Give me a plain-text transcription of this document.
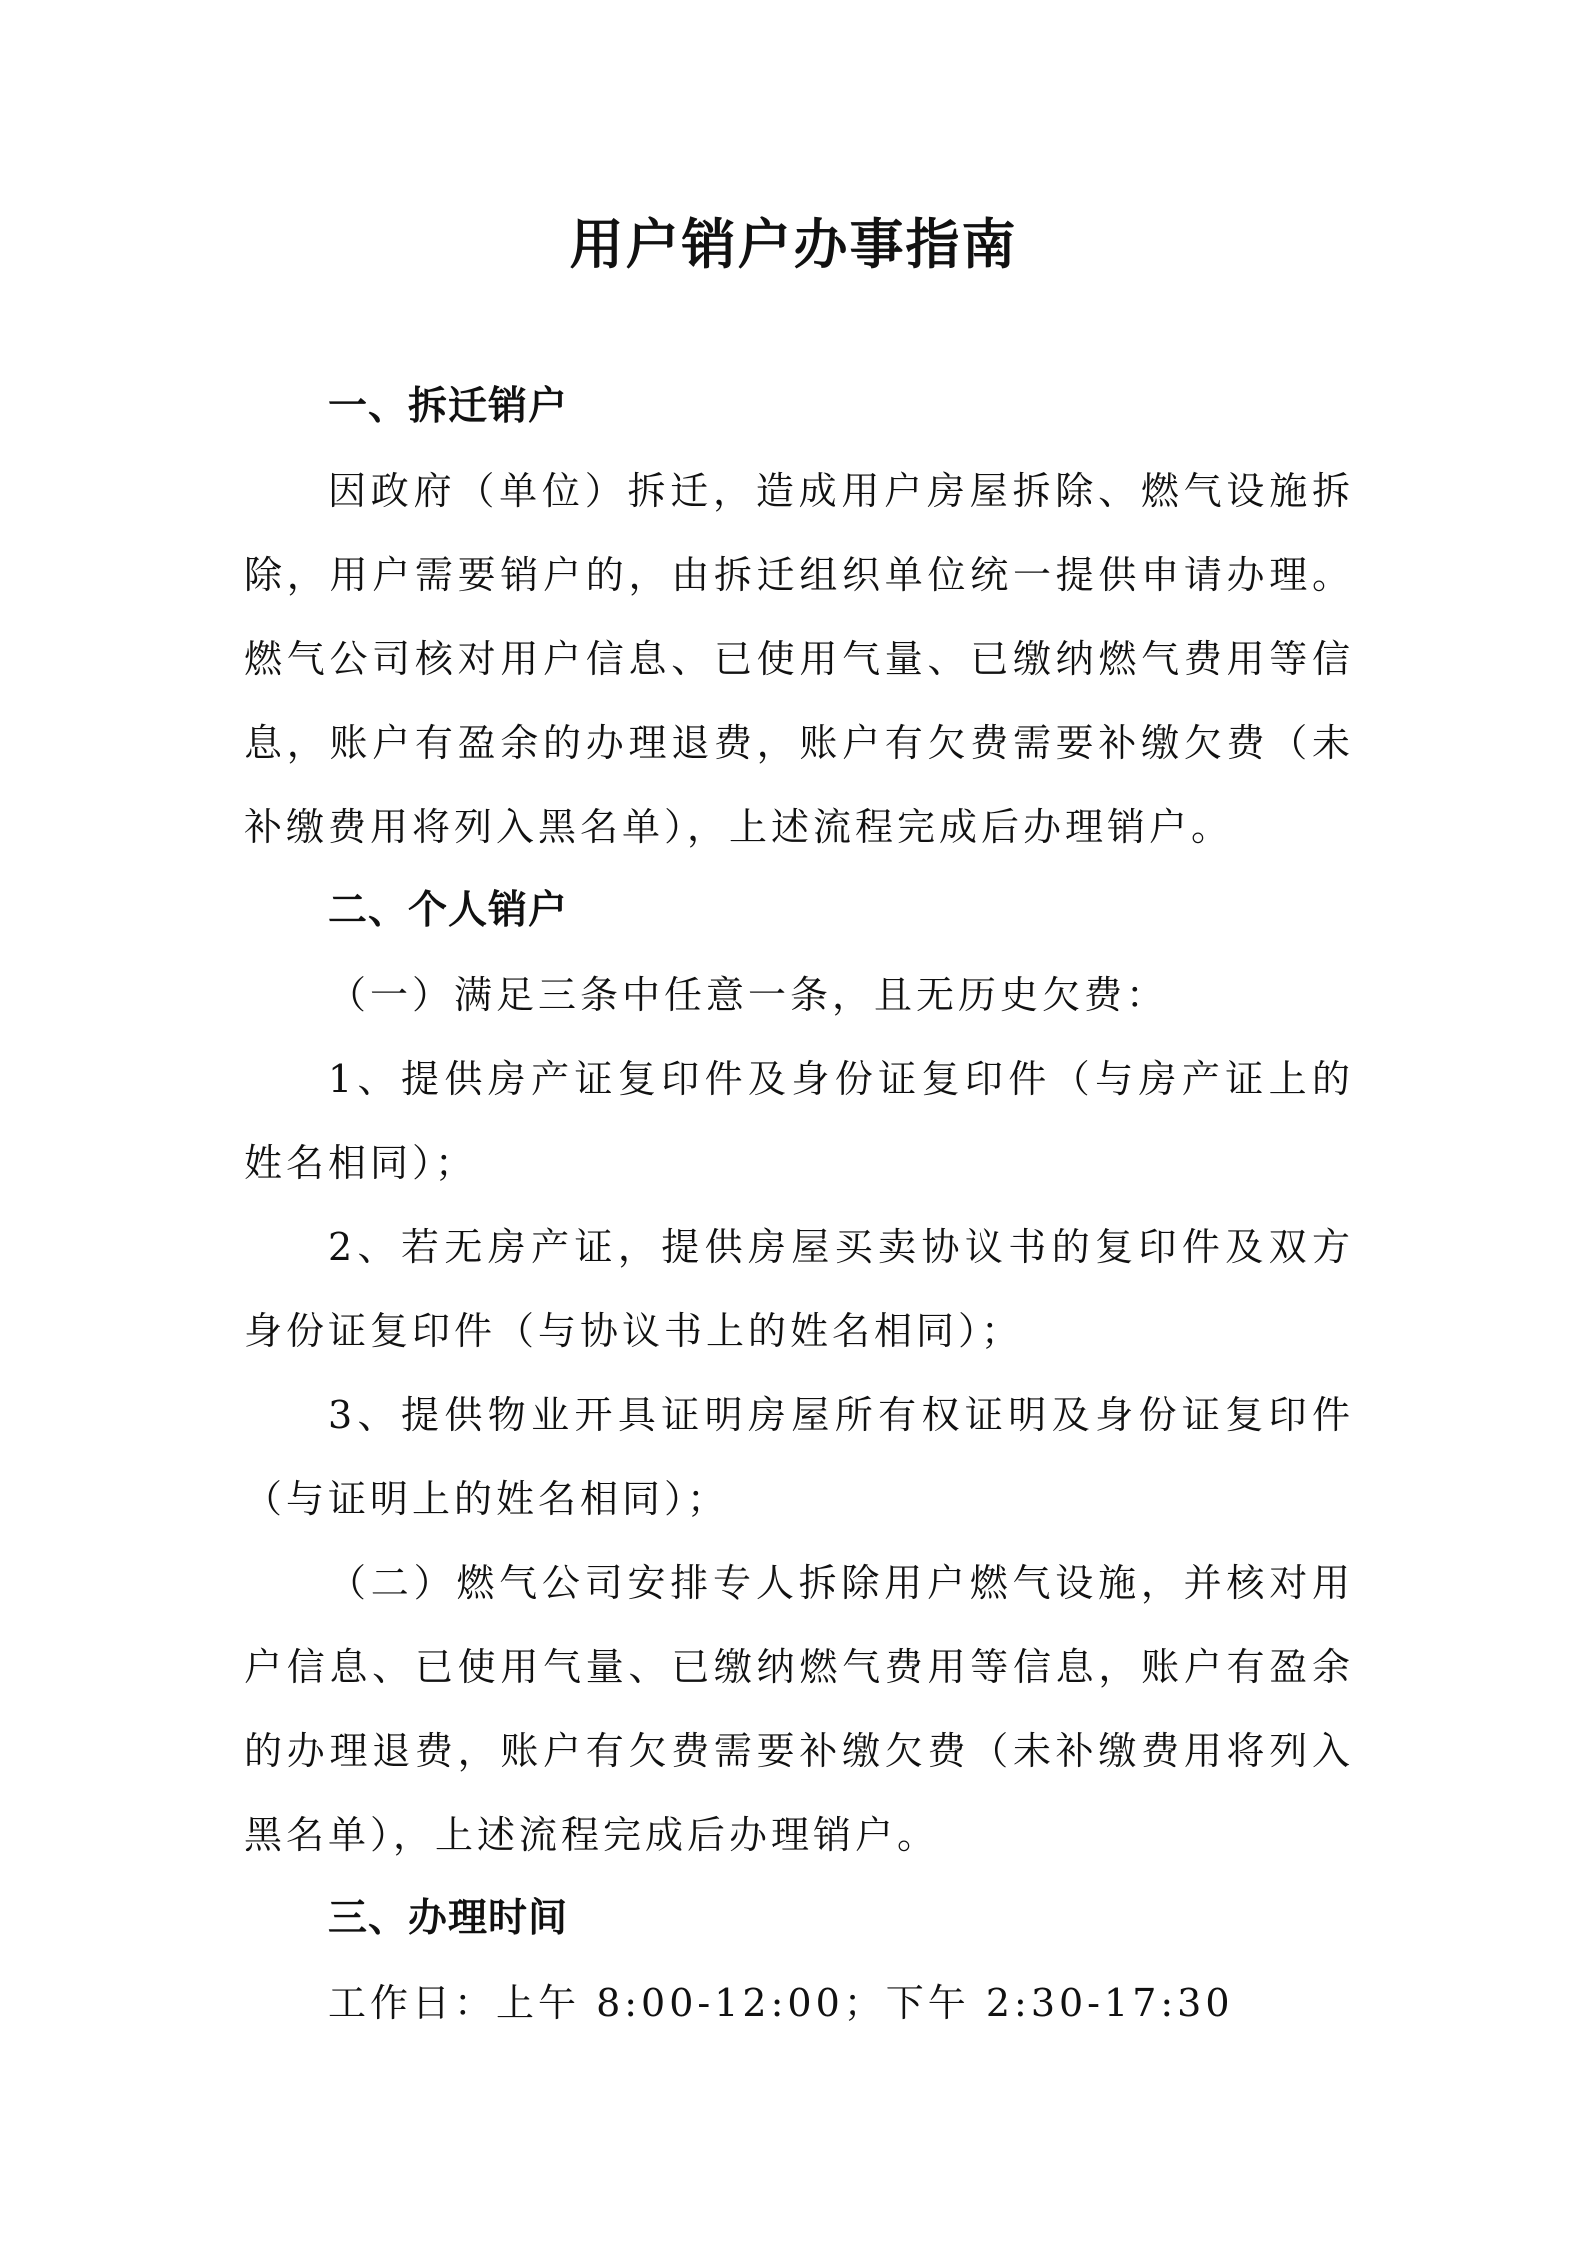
用户销户办事指南

一、拆迁销户

因政府（单位）拆迁，造成用户房屋拆除、燃气设施拆除，用户需要销户的，由拆迁组织单位统一提供申请办理。燃气公司核对用户信息、已使用气量、已缴纳燃气费用等信息，账户有盈余的办理退费，账户有欠费需要补缴欠费（未补缴费用将列入黑名单），上述流程完成后办理销户。

二、个人销户

（一）满足三条中任意一条，且无历史欠费：

1、提供房产证复印件及身份证复印件（与房产证上的姓名相同）；

2、若无房产证，提供房屋买卖协议书的复印件及双方身份证复印件（与协议书上的姓名相同）；

3、提供物业开具证明房屋所有权证明及身份证复印件（与证明上的姓名相同）；

（二）燃气公司安排专人拆除用户燃气设施，并核对用户信息、已使用气量、已缴纳燃气费用等信息，账户有盈余的办理退费，账户有欠费需要补缴欠费（未补缴费用将列入黑名单），上述流程完成后办理销户。

三、办理时间

工作日：上午 8:00-12:00；下午 2:30-17:30
